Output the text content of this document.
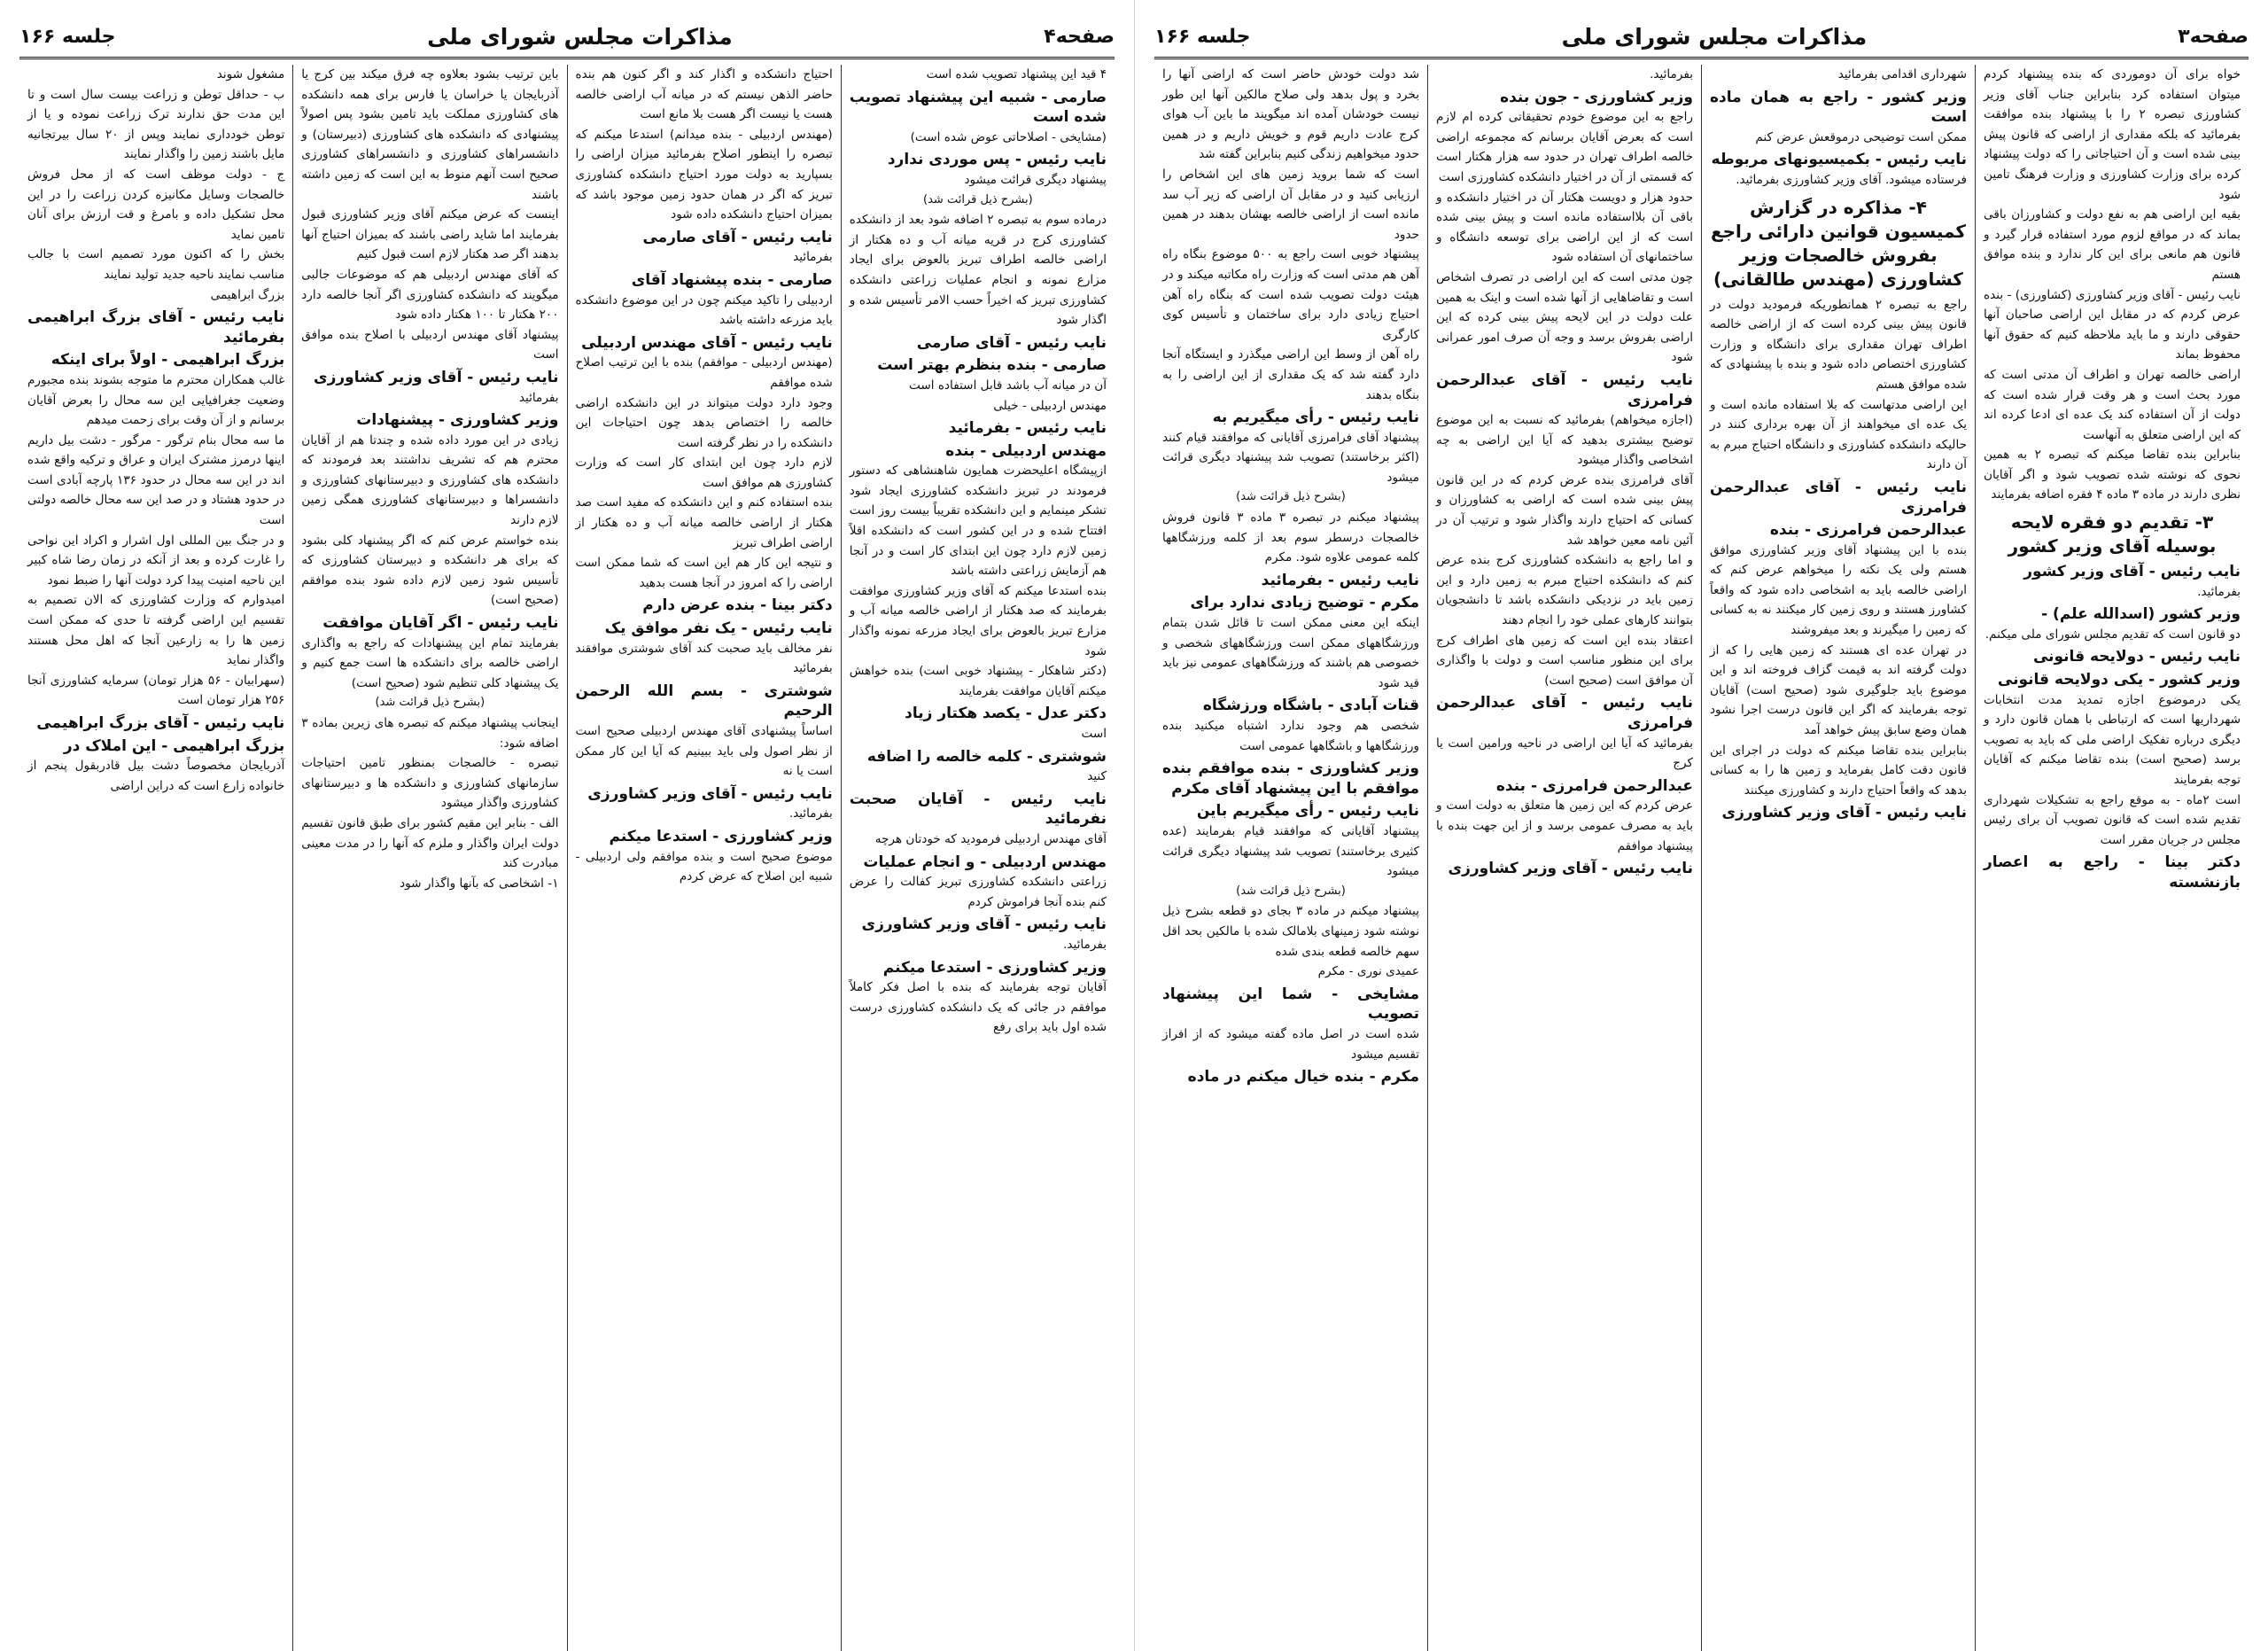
صفحه۴
مذاکرات مجلس شورای ملی
جلسه ۱۶۶

۴ قید این پیشنهاد تصویب شده است

صارمی - شبیه این پیشنهاد تصویب شده است

(مشایخی - اصلاحاتی عوض شده است)

نایب رئیس - پس موردی ندارد

پیشنهاد دیگری قرائت میشود

(بشرح ذیل قرائت شد)

درماده سوم به تبصره ۲ اضافه شود بعد از دانشکده کشاورزی کرج در قریه میانه آب و ده هکتار از اراضی خالصه اطراف تبریز بالعوض برای ایجاد مزارع نمونه و انجام عملیات زراعتی دانشکده کشاورزی تبریز که اخیراً حسب الامر تأسیس شده و اگذار شود

نایب رئیس - آقای صارمی
صارمی - بنده بنظرم بهتر است

آن در میانه آب باشد قابل استفاده است

مهندس اردبیلی - خیلی

نایب رئیس - بفرمائید
مهندس اردبیلی - بنده

ازپیشگاه اعلیحضرت همایون شاهنشاهی که دستور فرمودند در تبریز دانشکده کشاورزی ایجاد شود تشکر مینمایم و این دانشکده تقریباً بیست روز است افتتاح شده و در این کشور است که دانشکده اقلاً زمین لازم دارد چون این ابتدای کار است و در آنجا هم آزمایش زراعتی داشته باشد

بنده استدعا میکنم که آقای وزیر کشاورزی موافقت بفرمایند که صد هکتار از اراضی خالصه میانه آب و مزارع تبریز بالعوض برای ایجاد مزرعه نمونه واگذار شود

(دکتر شاهکار - پیشنهاد خوبی است) بنده خواهش میکنم آقایان موافقت بفرمایند

دکتر عدل - یکصد هکتار زیاد

است

شوشتری - کلمه خالصه را اضافه

کنید

نایب رئیس - آقایان صحبت نفرمائید

آقای مهندس اردبیلی فرمودید که خودتان هرچه

مهندس اردبیلی - و انجام عملیات

زراعتی دانشکده کشاورزی تبریز کفالت را عرض کنم بنده آنجا فراموش کردم

نایب رئیس - آقای وزیر کشاورزی

بفرمائید.

وزیر کشاورزی - استدعا میکنم

آقایان توجه بفرمایند که بنده با اصل فکر کاملاً موافقم در جائی که یک دانشکده کشاورزی درست شده اول باید برای رفع

احتیاج دانشکده و اگذار کند و اگر کنون هم بنده حاضر الذهن نیستم که در میانه آب اراضی خالصه هست یا نیست اگر هست بلا مانع است

(مهندس اردبیلی - بنده میدانم) استدعا میکنم که تبصره را اینطور اصلاح بفرمائید میزان اراضی را بسپارید به دولت مورد احتیاج دانشکده کشاورزی تبریز که اگر در همان حدود زمین موجود باشد که بمیزان احتیاج دانشکده داده شود

نایب رئیس - آقای صارمی

بفرمائید

صارمی - بنده پیشنهاد آقای

اردبیلی را تاکید میکنم چون در این موضوع دانشکده باید مزرعه داشته باشد

نایب رئیس - آقای مهندس اردبیلی

(مهندس اردبیلی - موافقم) بنده با این ترتیب اصلاح شده موافقم

وجود دارد دولت میتواند در این دانشکده اراضی خالصه را اختصاص بدهد چون احتیاجات این دانشکده را در نظر گرفته است

لازم دارد چون این ابتدای کار است که وزارت کشاورزی هم موافق است

بنده استفاده کنم و این دانشکده که مفید است صد هکتار از اراضی خالصه میانه آب و ده هکتار از اراضی اطراف تبریز

و نتیجه این کار هم این است که شما ممکن است اراضی را که امروز در آنجا هست بدهید

دکتر بینا - بنده عرض دارم
نایب رئیس - یک نفر موافق یک

نفر مخالف باید صحبت کند آقای شوشتری موافقند بفرمائید

شوشتری - بسم الله الرحمن الرحیم

اساساً پیشنهادی آقای مهندس اردبیلی صحیح است از نظر اصول ولی باید ببینیم که آیا این کار ممکن است یا نه

نایب رئیس - آقای وزیر کشاورزی

بفرمائید.

وزیر کشاورزی - استدعا میکنم

موضوع صحیح است و بنده موافقم ولی اردبیلی - شبیه این اصلاح که عرض کردم

باین ترتیب بشود بعلاوه چه فرق میکند بین کرج یا آذربایجان یا خراسان یا فارس برای همه دانشکده های کشاورزی مملکت باید تامین بشود پس اصولاً پیشنهادی که دانشکده های کشاورزی (دبیرستان) و دانشسراهای کشاورزی و دانشسراهای کشاورزی صحیح است آنهم منوط به این است که زمین داشته باشند

اینست که عرض میکنم آقای وزیر کشاورزی قبول بفرمایند اما شاید راضی باشند که بمیزان احتیاج آنها بدهند اگر صد هکتار لازم است قبول کنیم

که آقای مهندس اردبیلی هم که موضوعات جالبی میگویند که دانشکده کشاورزی اگر آنجا خالصه دارد ۲۰۰ هکتار تا ۱۰۰ هکتار داده شود

پیشنهاد آقای مهندس اردبیلی با اصلاح بنده موافق است

نایب رئیس - آقای وزیر کشاورزی

بفرمائید

وزیر کشاورزی - پیشنهادات

زیادی در این مورد داده شده و چندتا هم از آقایان محترم هم که تشریف نداشتند بعد فرمودند که دانشکده های کشاورزی و دبیرستانهای کشاورزی و دانشسراها و دبیرستانهای کشاورزی همگی زمین لازم دارند

بنده خواستم عرض کنم که اگر پیشنهاد کلی بشود که برای هر دانشکده و دبیرستان کشاورزی که تأسیس شود زمین لازم داده شود بنده موافقم (صحیح است)

نایب رئیس - اگر آقایان موافقت

بفرمایند تمام این پیشنهادات که راجع به واگذاری اراضی خالصه برای دانشکده ها است جمع کنیم و یک پیشنهاد کلی تنظیم شود (صحیح است)

(بشرح ذیل قرائت شد)

اینجانب پیشنهاد میکنم که تبصره های زیرین بماده ۳ اضافه شود:

تبصره - خالصجات بمنظور تامین احتیاجات سازمانهای کشاورزی و دانشکده ها و دبیرستانهای کشاورزی واگذار میشود

الف - بنابر این مقیم کشور برای طبق قانون تقسیم دولت ایران واگذار و ملزم که آنها را در مدت معینی مبادرت کند

۱- اشخاصی که بآنها واگذار شود

مشغول شوند

ب - حداقل توطن و زراعت بیست سال است و تا این مدت حق ندارند ترک زراعت نموده و یا از توطن خودداری نمایند وپس از ۲۰ سال بیرتجانیه مایل باشند زمین را واگذار نمایند

ج - دولت موظف است که از محل فروش خالصجات وسایل مکانیزه کردن زراعت را در این محل تشکیل داده و بامرغ و قت ارزش برای آنان تامین نماید

بخش را که اکنون مورد تصمیم است با جالب مناسب نمایند ناحیه جدید تولید نمایند

بزرگ ابراهیمی

نایب رئیس - آقای بزرگ ابراهیمی بفرمائید
بزرگ ابراهیمی - اولاً برای اینکه

غالب همکاران محترم ما متوجه بشوند بنده مجبورم وضعیت جغرافیایی این سه محال را بعرض آقایان برسانم و از آن وقت برای زحمت میدهم

ما سه محال بنام ترگور - مرگور - دشت بیل داریم اینها درمرز مشترک ایران و عراق و ترکیه واقع شده اند در این سه محال در حدود ۱۳۶ پارچه آبادی است در حدود هشتاد و در صد این سه محال خالصه دولتی است

و در جنگ بین المللی اول اشرار و اکراد این نواحی را غارت کرده و بعد از آنکه در زمان رضا شاه کبیر این ناحیه امنیت پیدا کرد دولت آنها را ضبط نمود

امیدوارم که وزارت کشاورزی که الان تصمیم به تقسیم این اراضی گرفته تا حدی که ممکن است زمین ها را به زارعین آنجا که اهل محل هستند واگذار نماید

(سهرابیان - ۵۶ هزار تومان) سرمایه کشاورزی آنجا ۲۵۶ هزار تومان است

نایب رئیس - آقای بزرگ ابراهیمی
بزرگ ابراهیمی - این املاک در

آذربایجان مخصوصاً دشت بیل قادربقول پنجم از خانواده زارع است که دراین اراضی

صفحه۳
مذاکرات مجلس شورای ملی
جلسه ۱۶۶

خواه برای آن دوموردی که بنده پیشنهاد کردم میتوان استفاده کرد بنابراین جناب آقای وزیر کشاورزی تبصره ۲ را با پیشنهاد بنده موافقت بفرمائید که بلکه مقداری از اراضی که قانون پیش بینی شده است و آن احتیاجاتی را که دولت پیشنهاد کرده برای وزارت کشاورزی و وزارت فرهنگ تامین شود

بقیه این اراضی هم به نفع دولت و کشاورزان باقی بماند که در مواقع لزوم مورد استفاده قرار گیرد و قانون هم مانعی برای این کار ندارد و بنده موافق هستم

نایب رئیس - آقای وزیر کشاورزی (کشاورزی) - بنده عرض کردم که در مقابل این اراضی صاحبان آنها حقوقی دارند و ما باید ملاحظه کنیم که حقوق آنها محفوظ بماند

اراضی خالصه تهران و اطراف آن مدتی است که مورد بحث است و هر وقت قرار شده است که دولت از آن استفاده کند یک عده ای ادعا کرده اند که این اراضی متعلق به آنهاست

بنابراین بنده تقاضا میکنم که تبصره ۲ به همین نحوی که نوشته شده تصویب شود و اگر آقایان نظری دارند در ماده ۳ ماده ۴ فقره اضافه بفرمایند

۳- تقدیم دو فقره لایحه بوسیله آقای وزیر کشور
نایب رئیس - آقای وزیر کشور

بفرمائید.

وزیر کشور (اسدالله علم) -

دو قانون است که تقدیم مجلس شورای ملی میکنم.

نایب رئیس - دولایحه قانونی
وزیر کشور - یکی دولایحه قانونی

یکی درموضوع اجازه تمدید مدت انتخابات شهرداریها است که ارتباطی با همان قانون دارد و دیگری درباره تفکیک اراضی ملی که باید به تصویب برسد (صحیح است) بنده تقاضا میکنم که آقایان توجه بفرمایند

است ۲ماه - به موقع راجع به تشکیلات شهرداری تقدیم شده است که قانون تصویب آن برای رئیس مجلس در جریان مقرر است

دکتر بینا - راجع به اعصار بازنشسته

شهرداری اقدامی بفرمائید

وزیر کشور - راجع به همان ماده است

ممکن است توضیحی درموقعش عرض کنم

نایب رئیس - بکمیسیونهای مربوطه

فرستاده میشود. آقای وزیر کشاورزی بفرمائید.

۴- مذاکره در گزارش کمیسیون قوانین دارائی راجع بفروش خالصجات وزیر کشاورزی (مهندس طالقانی)

راجع به تبصره ۲ همانطوریکه فرمودید دولت در قانون پیش بینی کرده است که از اراضی خالصه اطراف تهران مقداری برای دانشگاه و وزارت کشاورزی اختصاص داده شود و بنده با پیشنهادی که شده موافق هستم

این اراضی مدتهاست که بلا استفاده مانده است و یک عده ای میخواهند از آن بهره برداری کنند در حالیکه دانشکده کشاورزی و دانشگاه احتیاج مبرم به آن دارند

نایب رئیس - آقای عبدالرحمن فرامرزی
عبدالرحمن فرامرزی - بنده

بنده با این پیشنهاد آقای وزیر کشاورزی موافق هستم ولی یک نکته را میخواهم عرض کنم که اراضی خالصه باید به اشخاصی داده شود که واقعاً کشاورز هستند و روی زمین کار میکنند نه به کسانی که زمین را میگیرند و بعد میفروشند

در تهران عده ای هستند که زمین هایی را که از دولت گرفته اند به قیمت گزاف فروخته اند و این موضوع باید جلوگیری شود (صحیح است) آقایان توجه بفرمایند که اگر این قانون درست اجرا نشود همان وضع سابق پیش خواهد آمد

بنابراین بنده تقاضا میکنم که دولت در اجرای این قانون دقت کامل بفرماید و زمین ها را به کسانی بدهد که واقعاً احتیاج دارند و کشاورزی میکنند

نایب رئیس - آقای وزیر کشاورزی

بفرمائید.

وزیر کشاورزی - جون بنده

راجع به این موضوع خودم تحقیقاتی کرده ام لازم است که بعرض آقایان برسانم که مجموعه اراضی خالصه اطراف تهران در حدود سه هزار هکتار است که قسمتی از آن در اختیار دانشکده کشاورزی است

حدود هزار و دویست هکتار آن در اختیار دانشکده و باقی آن بلااستفاده مانده است و پیش بینی شده است که از این اراضی برای توسعه دانشگاه و ساختمانهای آن استفاده شود

چون مدتی است که این اراضی در تصرف اشخاص است و تقاضاهایی از آنها شده است و اینک به همین علت دولت در این لایحه پیش بینی کرده که این اراضی بفروش برسد و وجه آن صرف امور عمرانی شود

نایب رئیس - آقای عبدالرحمن فرامرزی

(اجازه میخواهم) بفرمائید که نسبت به این موضوع توضیح بیشتری بدهید که آیا این اراضی به چه اشخاصی واگذار میشود

آقای فرامرزی بنده عرض کردم که در این قانون پیش بینی شده است که اراضی به کشاورزان و کسانی که احتیاج دارند واگذار شود و ترتیب آن در آئین نامه معین خواهد شد

و اما راجع به دانشکده کشاورزی کرج بنده عرض کنم که دانشکده احتیاج مبرم به زمین دارد و این زمین باید در نزدیکی دانشکده باشد تا دانشجویان بتوانند کارهای عملی خود را انجام دهند

اعتقاد بنده این است که زمین های اطراف کرج برای این منظور مناسب است و دولت با واگذاری آن موافق است (صحیح است)

نایب رئیس - آقای عبدالرحمن فرامرزی

بفرمائید که آیا این اراضی در ناحیه ورامین است یا کرج

عبدالرحمن فرامرزی - بنده

عرض کردم که این زمین ها متعلق به دولت است و باید به مصرف عمومی برسد و از این جهت بنده با پیشنهاد موافقم

نایب رئیس - آقای وزیر کشاورزی

شد دولت خودش حاضر است که اراضی آنها را بخرد و پول بدهد ولی صلاح مالکین آنها این طور نیست خودشان آمده اند میگویند ما باین آب هوای کرج عادت داریم قوم و خویش داریم و در همین حدود میخواهیم زندگی کنیم بنابراین گفته شد

است که شما بروید زمین های این اشخاص را ارزیابی کنید و در مقابل آن اراضی که زیر آب سد مانده است از اراضی خالصه بهشان بدهند در همین حدود

پیشنهاد خوبی است راجع به ۵۰۰ موضوع بنگاه راه آهن هم مدتی است که وزارت راه مکاتبه میکند و در هیئت دولت تصویب شده است که بنگاه راه آهن احتیاج زیادی دارد برای ساختمان و تأسیس کوی کارگری

راه آهن از وسط این اراضی میگذرد و ایستگاه آنجا دارد گفته شد که یک مقداری از این اراضی را به بنگاه بدهند

نایب رئیس - رأی میگیریم به

پیشنهاد آقای فرامرزی آقایانی که موافقند قیام کنند (اکثر برخاستند) تصویب شد پیشنهاد دیگری قرائت میشود

(بشرح ذیل قرائت شد)

پیشنهاد میکنم در تبصره ۳ ماده ۳ قانون فروش خالصجات درسطر سوم بعد از کلمه ورزشگاهها کلمه عمومی علاوه شود. مکرم

نایب رئیس - بفرمائید
مکرم - توضیح زیادی ندارد برای

اینکه این معنی ممکن است تا قائل شدن بتمام ورزشگاههای ممکن است ورزشگاههای شخصی و خصوصی هم باشند که ورزشگاههای عمومی نیز باید قید شود

قنات آبادی - باشگاه ورزشگاه

شخصی هم وجود ندارد اشتباه میکنید بنده ورزشگاهها و باشگاهها عمومی است

وزیر کشاورزی - بنده موافقم بنده موافقم با این پیشنهاد آقای مکرم
نایب رئیس - رأی میگیریم باین

پیشنهاد آقایانی که موافقند قیام بفرمایند (عده کثیری برخاستند) تصویب شد پیشنهاد دیگری قرائت میشود

(بشرح ذیل قرائت شد)

پیشنهاد میکنم در ماده ۳ بجای دو قطعه بشرح ذیل نوشته شود زمینهای بلامالک شده با مالکین بحد اقل سهم خالصه قطعه بندی شده

عمیدی نوری - مکرم

مشایخی - شما این پیشنهاد تصویب

شده است در اصل ماده گفته میشود که از افراز تقسیم میشود

مکرم - بنده خیال میکنم در ماده
